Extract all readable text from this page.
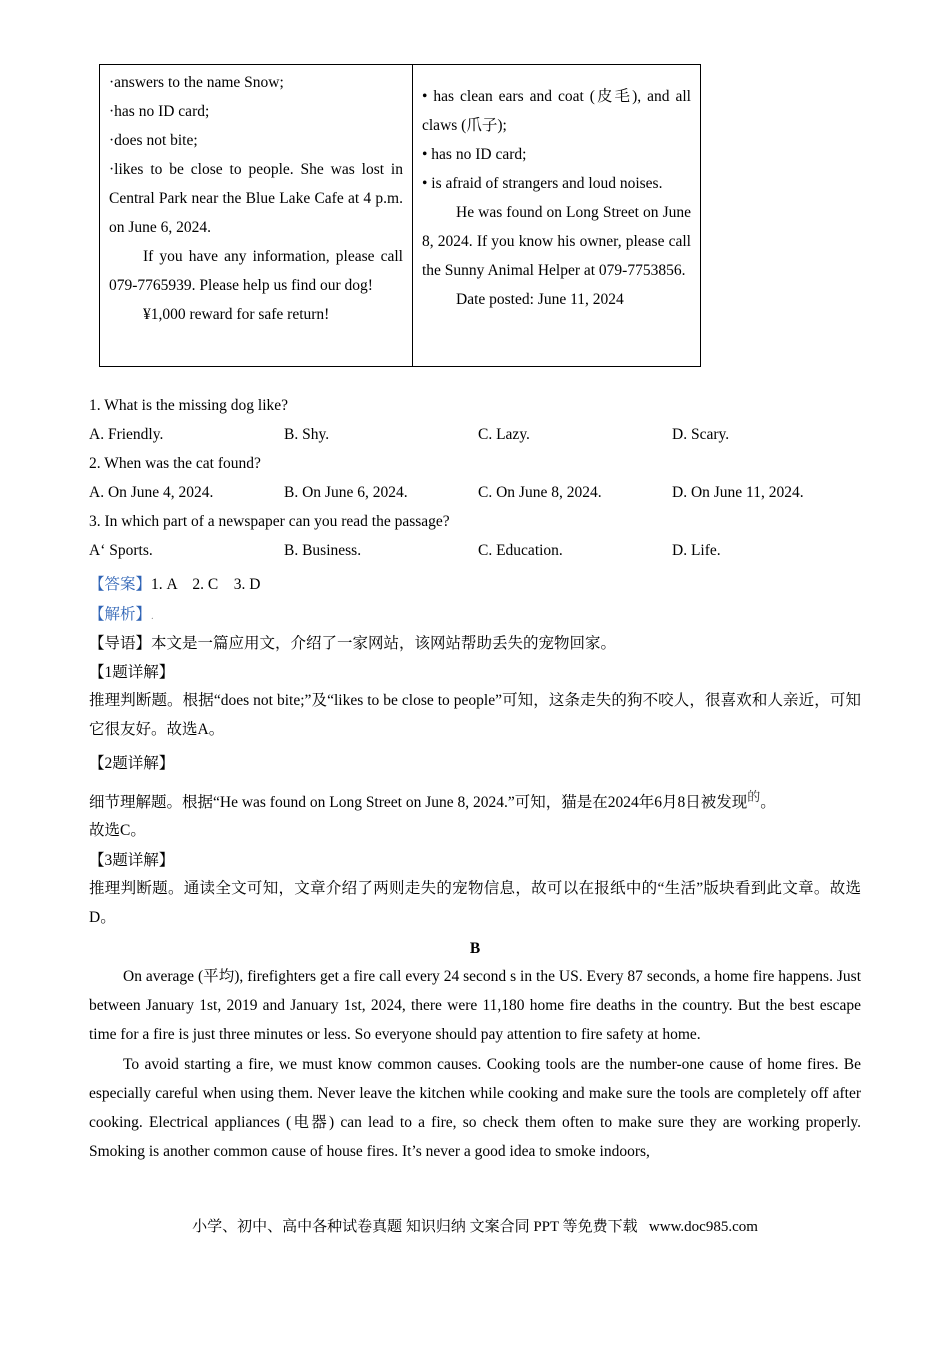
·answers to the name Snow;

·has no ID card;

·does not bite;

·likes to be close to people. She was lost in Central Park near the Blue Lake Cafe at 4 p.m. on June 6, 2024.

If you have any information, please call 079-7765939. Please help us find our dog!

¥1,000 reward for safe return!

• has clean ears and coat (皮毛), and all claws (爪子);

• has no ID card;

• is afraid of strangers and loud noises.

He was found on Long Street on June 8, 2024. If you know his owner, please call the Sunny Animal Helper at 079-7753856.

Date posted: June 11, 2024

1. What is the missing dog like?
A. Friendly.	B. Shy.	C. Lazy.	D. Scary.
2. When was the cat found?
A. On June 4, 2024.	B. On June 6, 2024.	C. On June 8, 2024.	D. On June 11, 2024.
3. In which part of a newspaper can you read the passage?
Aʻ Sports.	B. Business.	C. Education.	D. Life.
【答案】1. A    2. C    3. D
【解析】.
【导语】本文是一篇应用文，介绍了一家网站，该网站帮助丢失的宠物回家。
【1题详解】

推理判断题。根据“does not bite;”及“likes to be close to people”可知，这条走失的狗不咬人，很喜欢和人亲近，可知它很友好。故选A。

【2题详解】
细节理解题。根据“He was found on Long Street on June 8, 2024.”可知，猫是在2024年6月8日被发现$^的$。
故选C。
【3题详解】

推理判断题。通读全文可知，文章介绍了两则走失的宠物信息，故可以在报纸中的“生活”版块看到此文章。故选D。

B

On average (平均), firefighters get a fire call every 24 second s in the US. Every 87 seconds, a home fire happens. Just between January 1st, 2019 and January 1st, 2024, there were 11,180 home fire deaths in the country. But the best escape time for a fire is just three minutes or less. So everyone should pay attention to fire safety at home.

To avoid starting a fire, we must know common causes. Cooking tools are the number-one cause of home fires. Be especially careful when using them. Never leave the kitchen while cooking and make sure the tools are completely off after cooking. Electrical appliances (电器) can lead to a fire, so check them often to make sure they are working properly. Smoking is another common cause of house fires. It’s never a good idea to smoke indoors,

小学、初中、高中各种试卷真题 知识归纳 文案合同 PPT 等免费下载   www.doc985.com
